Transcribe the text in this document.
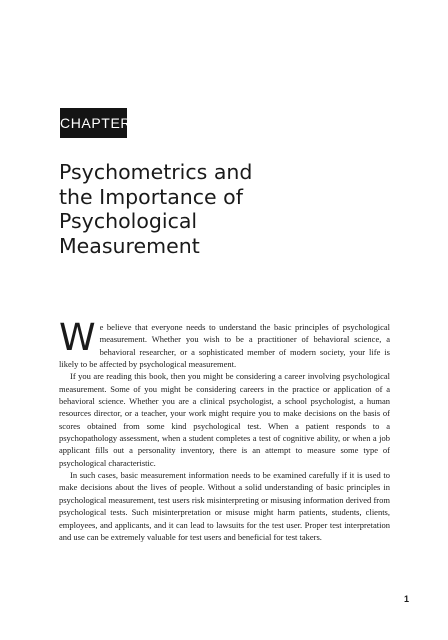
CHAPTER 1
Psychometrics and
the Importance of
Psychological
Measurement

We believe that everyone needs to understand the basic principles of psychological measurement. Whether you wish to be a practitioner of behavioral science, a behavioral researcher, or a sophisticated member of modern society, your life is likely to be affected by psychological measurement.

If you are reading this book, then you might be considering a career involving psychological measurement. Some of you might be considering careers in the practice or application of a behavioral science. Whether you are a clinical psychologist, a school psychologist, a human resources director, or a teacher, your work might require you to make decisions on the basis of scores obtained from some kind psychological test. When a patient responds to a psychopathology assessment, when a student completes a test of cognitive ability, or when a job applicant fills out a personality inventory, there is an attempt to measure some type of psychological characteristic.

In such cases, basic measurement information needs to be examined carefully if it is used to make decisions about the lives of people. Without a solid understanding of basic principles in psychological measurement, test users risk misinterpreting or misusing information derived from psychological tests. Such misinterpretation or misuse might harm patients, students, clients, employees, and applicants, and it can lead to lawsuits for the test user. Proper test interpretation and use can be extremely valuable for test users and beneficial for test takers.

1
